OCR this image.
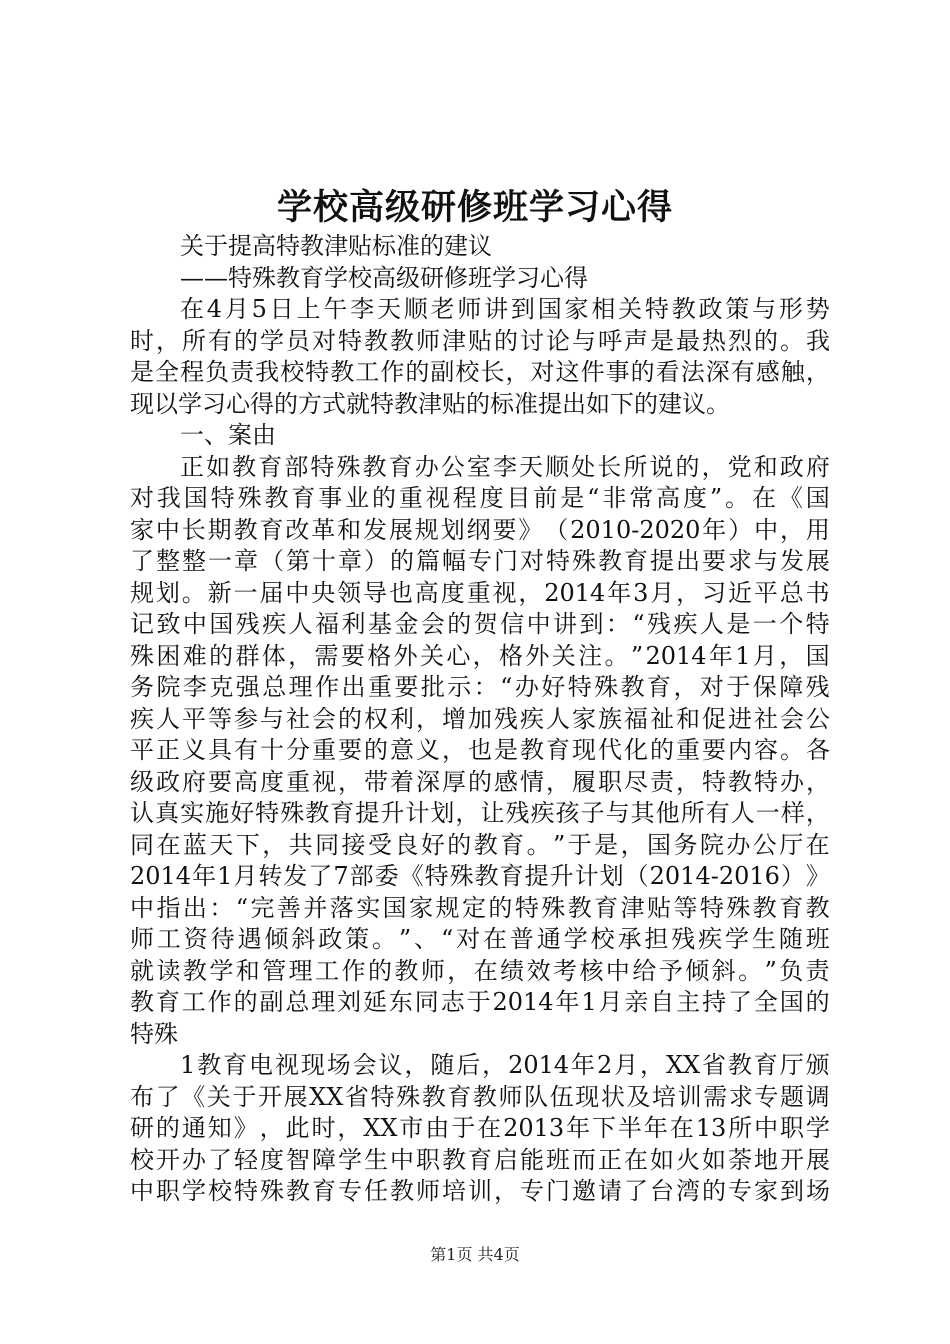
学校高级研修班学习心得
关于提高特教津贴标准的建议
——特殊教育学校高级研修班学习心得
在 4 月 5 日 上 午 李 天 顺 老 师 讲 到 国 家 相 关 特 教 政 策 与 形 势
时 ， 所 有 的 学 员 对 特 教 教 师 津 贴 的 讨 论 与 呼 声 是 最 热 烈 的 。 我
是 全 程 负 责 我 校 特 教 工 作 的 副 校 长 ， 对 这 件 事 的 看 法 深 有 感 触 ，
现以学习心得的方式就特教津贴的标准提出如下的建议。
一、案由
正 如 教 育 部 特 殊 教 育 办 公 室 李 天 顺 处 长 所 说 的 ， 党 和 政 府
对 我 国 特 殊 教 育 事 业 的 重 视 程 度 目 前 是 “ 非 常 高 度 ” 。 在 《 国
家 中 长 期 教 育 改 革 和 发 展 规 划 纲 要 》 （ 2010-2020 年 ） 中 ， 用
了 整 整 一 章 （ 第 十 章 ） 的 篇 幅 专 门 对 特 殊 教 育 提 出 要 求 与 发 展
规 划 。 新 一 届 中 央 领 导 也 高 度 重 视 ， 2014 年 3 月 ， 习 近 平 总 书
记 致 中 国 残 疾 人 福 利 基 金 会 的 贺 信 中 讲 到 ： “ 残 疾 人 是 一 个 特
殊 困 难 的 群 体 ， 需 要 格 外 关 心 ， 格 外 关 注 。 ” 2014 年 1 月 ， 国
务 院 李 克 强 总 理 作 出 重 要 批 示 ： “ 办 好 特 殊 教 育 ， 对 于 保 障 残
疾 人 平 等 参 与 社 会 的 权 利 ， 增 加 残 疾 人 家 族 福 祉 和 促 进 社 会 公
平 正 义 具 有 十 分 重 要 的 意 义 ， 也 是 教 育 现 代 化 的 重 要 内 容 。 各
级 政 府 要 高 度 重 视 ， 带 着 深 厚 的 感 情 ， 履 职 尽 责 ， 特 教 特 办 ，
认 真 实 施 好 特 殊 教 育 提 升 计 划 ， 让 残 疾 孩 子 与 其 他 所 有 人 一 样 ，
同 在 蓝 天 下 ， 共 同 接 受 良 好 的 教 育 。 ” 于 是 ， 国 务 院 办 公 厅 在
2014 年 1 月 转 发 了 7 部 委 《 特 殊 教 育 提 升 计 划 （ 2014-2016 ） 》
中 指 出 ： “ 完 善 并 落 实 国 家 规 定 的 特 殊 教 育 津 贴 等 特 殊 教 育 教
师 工 资 待 遇 倾 斜 政 策 。 ” 、 “ 对 在 普 通 学 校 承 担 残 疾 学 生 随 班
就 读 教 学 和 管 理 工 作 的 教 师 ， 在 绩 效 考 核 中 给 予 倾 斜 。 ” 负 责
教 育 工 作 的 副 总 理 刘 延 东 同 志 于 2014 年 1 月 亲 自 主 持 了 全 国 的
特殊
1 教 育 电 视 现 场 会 议 ， 随 后 ， 2014 年 2 月 ， XX 省 教 育 厅 颁
布 了 《 关 于 开 展 XX 省 特 殊 教 育 教 师 队 伍 现 状 及 培 训 需 求 专 题 调
研 的 通 知 》 ， 此 时 ， XX 市 由 于 在 2013 年 下 半 年 在 13 所 中 职 学
校 开 办 了 轻 度 智 障 学 生 中 职 教 育 启 能 班 而 正 在 如 火 如 荼 地 开 展
中 职 学 校 特 殊 教 育 专 任 教 师 培 训 ， 专 门 邀 请 了 台 湾 的 专 家 到 场
第1页 共4页
